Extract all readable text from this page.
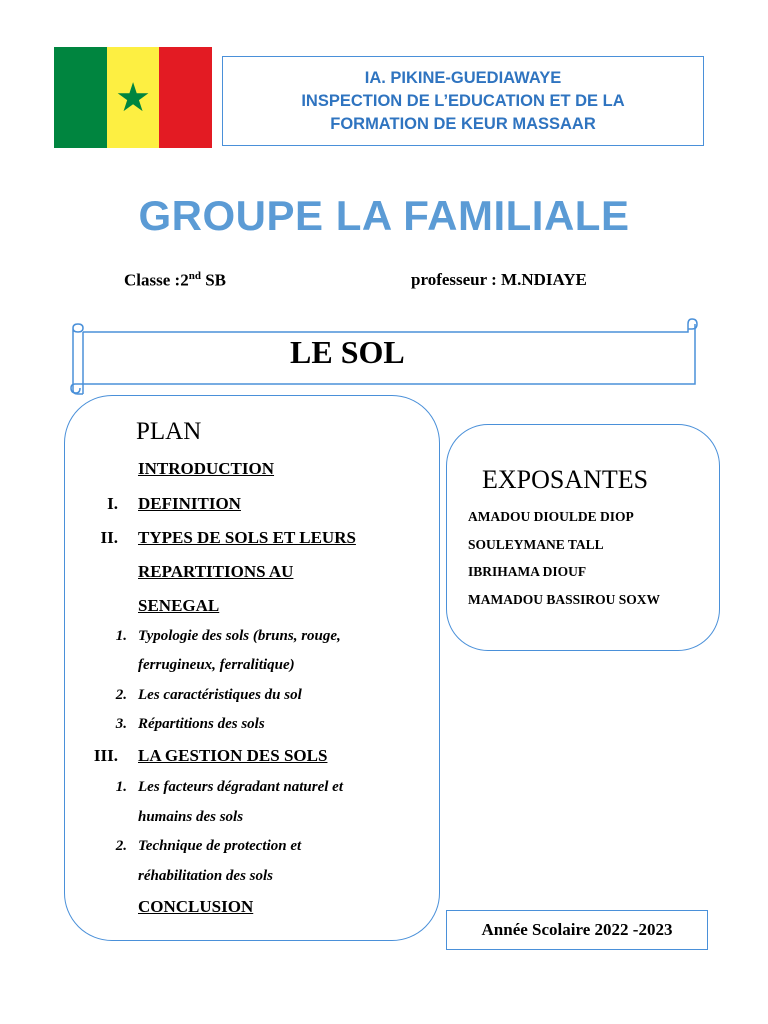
★	IA. PIKINE-GUEDIAWAYE
INSPECTION DE L’EDUCATION ET DE LA
FORMATION DE KEUR MASSAAR
GROUPE LA FAMILIALE
Classe :2nd SB	professeur : M.NDIAYE
LE SOL
PLAN
INTRODUCTION
I. DEFINITION
II. TYPES DE SOLS ET LEURS
REPARTITIONS AU
SENEGAL
1. Typologie des sols (bruns, rouge,
ferrugineux, ferralitique)
2. Les caractéristiques du sol
3. Répartitions des sols
III. LA GESTION DES SOLS
1. Les facteurs dégradant naturel et
humains des sols
2. Technique de protection et
réhabilitation des sols
CONCLUSION
EXPOSANTES
AMADOU DIOULDE DIOP
SOULEYMANE TALL
IBRIHAMA DIOUF
MAMADOU BASSIROU SOXW
Année Scolaire 2022 -2023
